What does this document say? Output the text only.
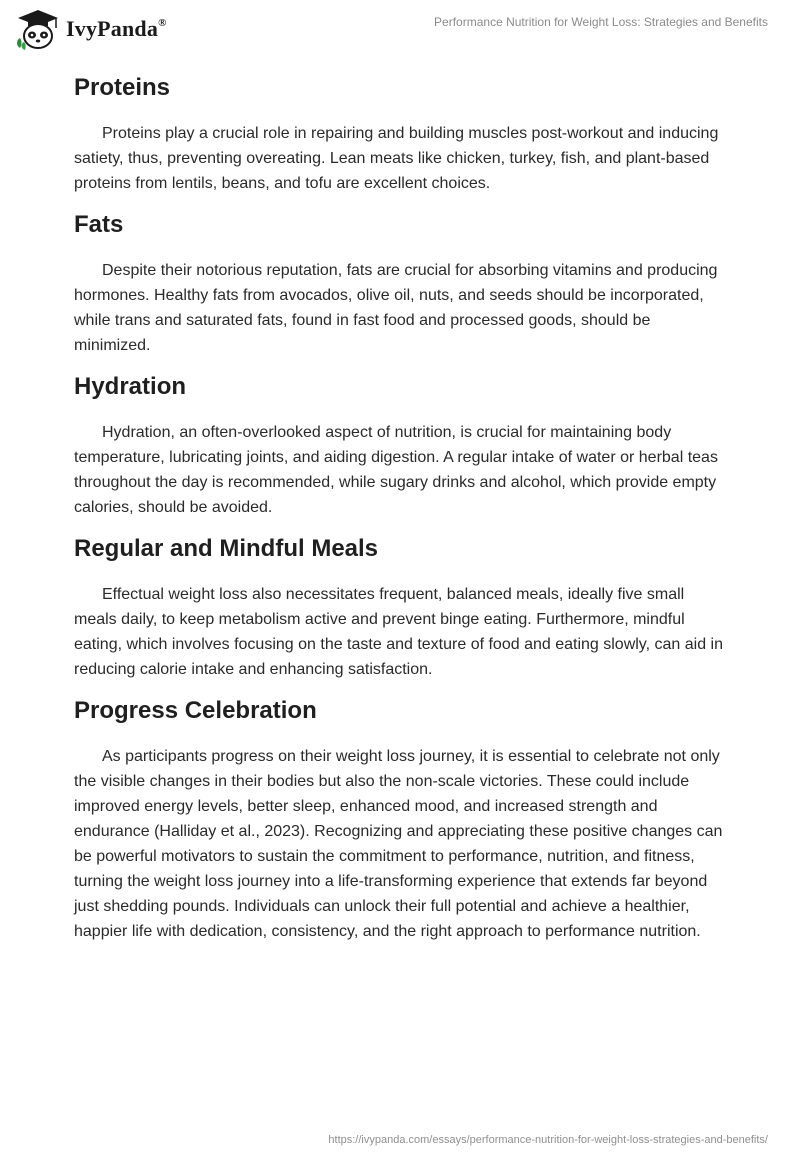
IvyPanda®	Performance Nutrition for Weight Loss: Strategies and Benefits
Proteins

Proteins play a crucial role in repairing and building muscles post-workout and inducing satiety, thus, preventing overeating. Lean meats like chicken, turkey, fish, and plant-based proteins from lentils, beans, and tofu are excellent choices.

Fats

Despite their notorious reputation, fats are crucial for absorbing vitamins and producing hormones. Healthy fats from avocados, olive oil, nuts, and seeds should be incorporated, while trans and saturated fats, found in fast food and processed goods, should be minimized.

Hydration

Hydration, an often-overlooked aspect of nutrition, is crucial for maintaining body temperature, lubricating joints, and aiding digestion. A regular intake of water or herbal teas throughout the day is recommended, while sugary drinks and alcohol, which provide empty calories, should be avoided.

Regular and Mindful Meals

Effectual weight loss also necessitates frequent, balanced meals, ideally five small meals daily, to keep metabolism active and prevent binge eating. Furthermore, mindful eating, which involves focusing on the taste and texture of food and eating slowly, can aid in reducing calorie intake and enhancing satisfaction.

Progress Celebration

As participants progress on their weight loss journey, it is essential to celebrate not only the visible changes in their bodies but also the non-scale victories. These could include improved energy levels, better sleep, enhanced mood, and increased strength and endurance (Halliday et al., 2023). Recognizing and appreciating these positive changes can be powerful motivators to sustain the commitment to performance, nutrition, and fitness, turning the weight loss journey into a life-transforming experience that extends far beyond just shedding pounds. Individuals can unlock their full potential and achieve a healthier, happier life with dedication, consistency, and the right approach to performance nutrition.

https://ivypanda.com/essays/performance-nutrition-for-weight-loss-strategies-and-benefits/
